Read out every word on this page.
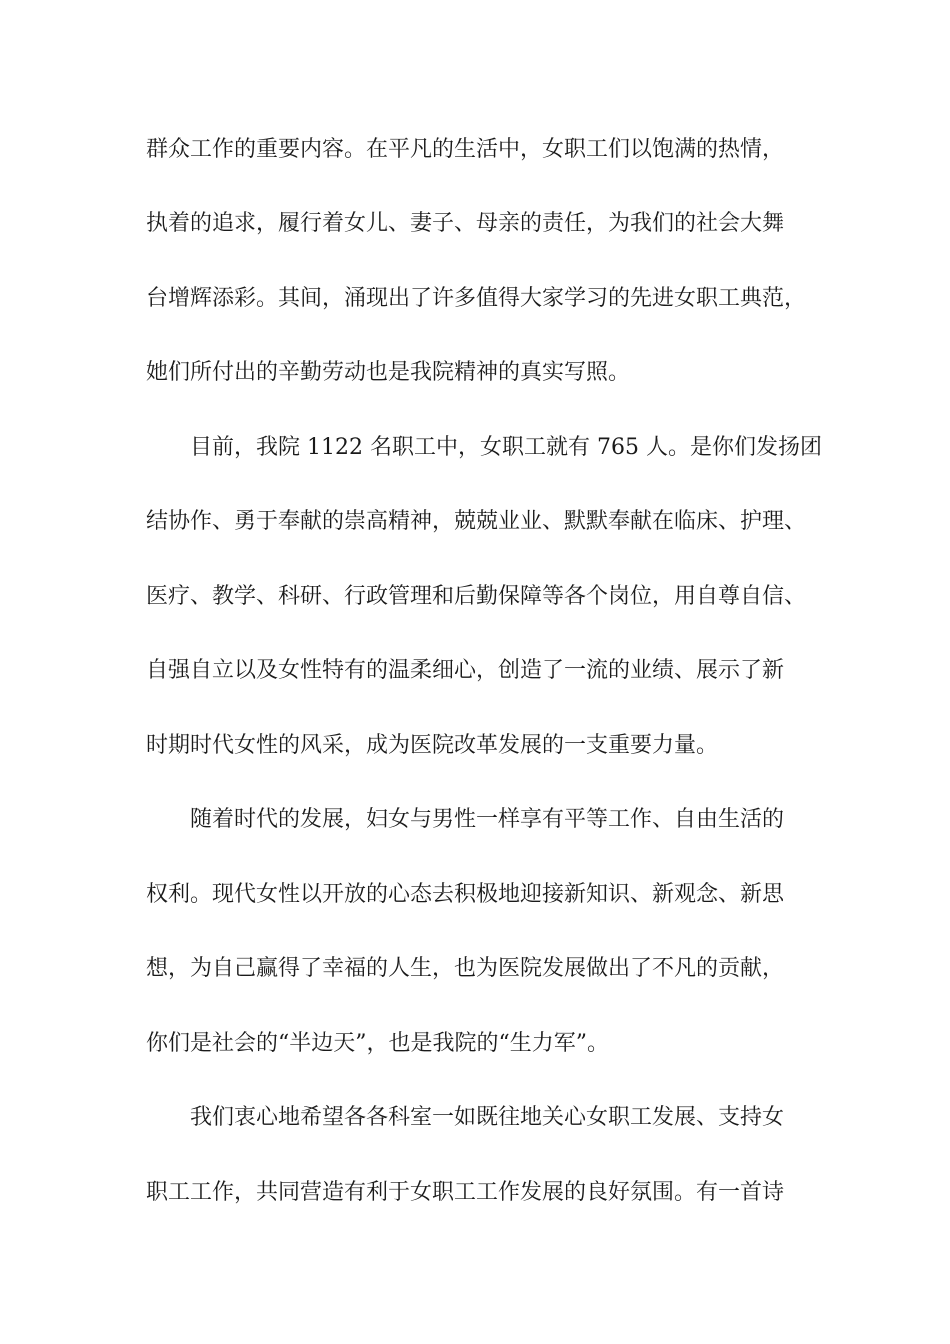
群众工作的重要内容。在平凡的生活中，女职工们以饱满的热情，

执着的追求，履行着女儿、妻子、母亲的责任，为我们的社会大舞

台增辉添彩。其间，涌现出了许多值得大家学习的先进女职工典范，

她们所付出的辛勤劳动也是我院精神的真实写照。

目前，我院 1122 名职工中，女职工就有 765 人。是你们发扬团

结协作、勇于奉献的崇高精神，兢兢业业、默默奉献在临床、护理、

医疗、教学、科研、行政管理和后勤保障等各个岗位，用自尊自信、

自强自立以及女性特有的温柔细心，创造了一流的业绩、展示了新

时期时代女性的风采，成为医院改革发展的一支重要力量。

随着时代的发展，妇女与男性一样享有平等工作、自由生活的

权利。现代女性以开放的心态去积极地迎接新知识、新观念、新思

想，为自己赢得了幸福的人生，也为医院发展做出了不凡的贡献，

你们是社会的“半边天”，也是我院的“生力军”。

我们衷心地希望各各科室一如既往地关心女职工发展、支持女

职工工作，共同营造有利于女职工工作发展的良好氛围。有一首诗
